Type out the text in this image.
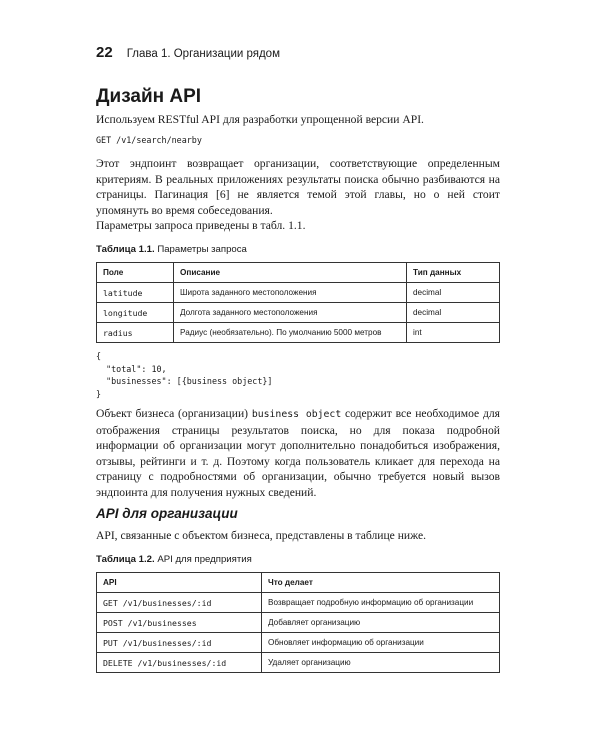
22 Глава 1. Организации рядом
Дизайн API

Используем RESTful API для разработки упрощенной версии API.

GET /v1/search/nearby

Этот эндпоинт возвращает организации, соответствующие определенным критериям. В реальных приложениях результаты поиска обычно разбиваются на страницы. Пагинация [6] не является темой этой главы, но о ней стоит упомянуть во время собеседования.

Параметры запроса приведены в табл. 1.1.

Таблица 1.1. Параметры запроса

Поле	Описание	Тип данных
latitude	Широта заданного местоположения	decimal
longitude	Долгота заданного местоположения	decimal
radius	Радиус (необязательно). По умолчанию 5000 метров	int

{

"total": 10,

"businesses": [{business object}]

}

Объект бизнеса (организации) business object содержит все необходимое для отображения страницы результатов поиска, но для показа подробной информации об организации могут дополнительно понадобиться изображения, отзывы, рейтинги и т. д. Поэтому когда пользователь кликает для перехода на страницу с подробностями об организации, обычно требуется новый вызов эндпоинта для получения нужных сведений.

API для организации

API, связанные с объектом бизнеса, представлены в таблице ниже.

Таблица 1.2. API для предприятия

API	Что делает
GET /v1/businesses/:id	Возвращает подробную информацию об организации
POST /v1/businesses	Добавляет организацию
PUT /v1/businesses/:id	Обновляет информацию об организации
DELETE /v1/businesses/:id	Удаляет организацию
